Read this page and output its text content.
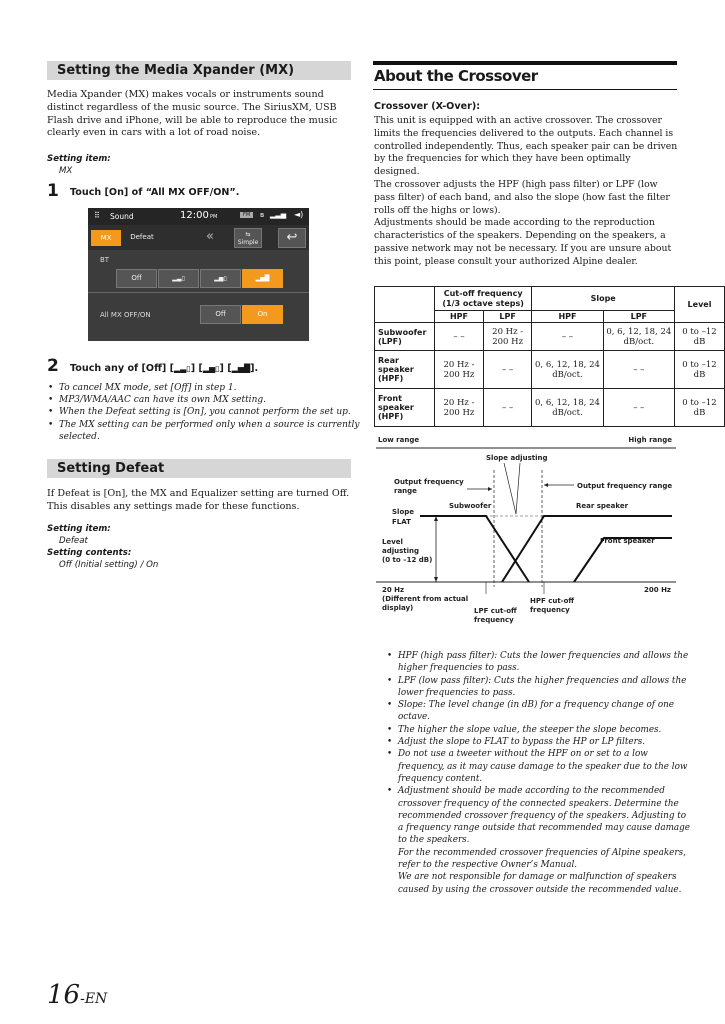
Setting the Media Xpander (MX)
Media Xpander (MX) makes vocals or instruments sound distinct regardless of the music source. The SiriusXM, USB Flash drive and iPhone, will be able to reproduce the music clearly even in cars with a lot of road noise.
Setting item:
MX
1 Touch [On] of “All MX OFF/ON”.
⠿ Sound	12:00 PM	FM	ʙ ▂▃▅ ◄)
MX	Defeat	«	⇆
Simple	↩
BT
Off	▂▃▯	▂▅▯	▂▅█
All MX OFF/ON	Off	On
2 Touch any of [Off] [▂▃▯] [▂▅▯] [▂▅█].
• To cancel MX mode, set [Off] in step 1.
• MP3/WMA/AAC can have its own MX setting.
• When the Defeat setting is [On], you cannot perform the set up.
• The MX setting can be performed only when a source is currently selected.
Setting Defeat
If Defeat is [On], the MX and Equalizer setting are turned Off. This disables any settings made for these functions.
Setting item:
Defeat
Setting contents:
Off (Initial setting) / On
About the Crossover
Crossover (X-Over):
This unit is equipped with an active crossover. The crossover limits the frequencies delivered to the outputs. Each channel is controlled independently. Thus, each speaker pair can be driven by the frequencies for which they have been optimally designed.
The crossover adjusts the HPF (high pass filter) or LPF (low pass filter) of each band, and also the slope (how fast the filter rolls off the highs or lows).
Adjustments should be made according to the reproduction characteristics of the speakers. Depending on the speakers, a passive network may not be necessary. If you are unsure about this point, please consult your authorized Alpine dealer.
	Cut-off frequency (1/3 octave steps)		Slope		Level
	HPF	LPF	HPF	LPF	
Subwoofer (LPF)	– –	20 Hz - 200 Hz	– –	0, 6, 12, 18, 24 dB/oct.	0 to –12 dB
Rear speaker (HPF)	20 Hz - 200 Hz	– –	0, 6, 12, 18, 24 dB/oct.	– –	0 to –12 dB
Front speaker (HPF)	20 Hz - 200 Hz	– –	0, 6, 12, 18, 24 dB/oct.	– –	0 to –12 dB
Low range	High range
Slope adjusting
Output frequency
range
Output frequency range
Subwoofer	Rear speaker
Front speaker
Slope
FLAT
Level
adjusting
(0 to –12 dB)
20 Hz
(Different from actual
display)
200 Hz
LPF cut-off
frequency
HPF cut-off
frequency
• HPF (high pass filter): Cuts the lower frequencies and allows the higher frequencies to pass.
• LPF (low pass filter): Cuts the higher frequencies and allows the lower frequencies to pass.
• Slope: The level change (in dB) for a frequency change of one octave.
• The higher the slope value, the steeper the slope becomes.
• Adjust the slope to FLAT to bypass the HP or LP filters.
• Do not use a tweeter without the HPF on or set to a low frequency, as it may cause damage to the speaker due to the low frequency content.
• Adjustment should be made according to the recommended crossover frequency of the connected speakers. Determine the recommended crossover frequency of the speakers. Adjusting to a frequency range outside that recommended may cause damage to the speakers.
For the recommended crossover frequencies of Alpine speakers, refer to the respective Owner’s Manual.
We are not responsible for damage or malfunction of speakers caused by using the crossover outside the recommended value.
16-EN
